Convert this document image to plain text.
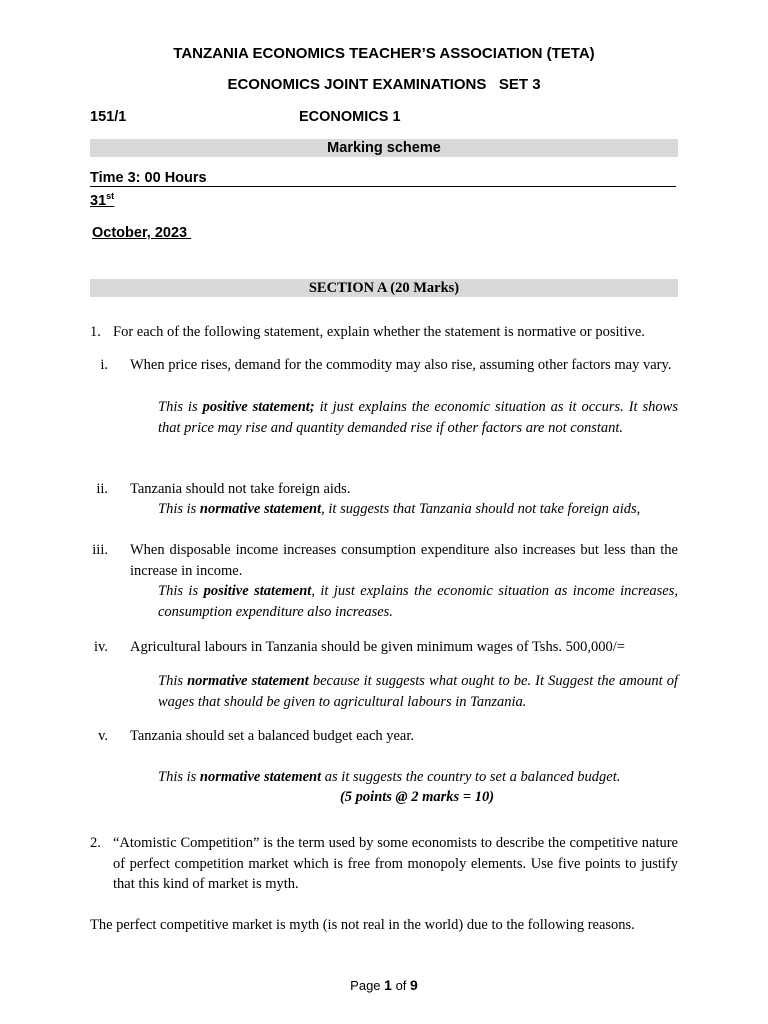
TANZANIA ECONOMICS TEACHER’S ASSOCIATION (TETA)
ECONOMICS JOINT EXAMINATIONS   SET 3
151/1	ECONOMICS 1
Marking scheme
Time 3: 00 Hours
31st
October, 2023
SECTION A (20 Marks)
1. For each of the following statement, explain whether the statement is normative or positive.
i. When price rises, demand for the commodity may also rise, assuming other factors may vary.
This is positive statement; it just explains the economic situation as it occurs. It shows that price may rise and quantity demanded rise if other factors are not constant.
ii. Tanzania should not take foreign aids.
This is normative statement, it suggests that Tanzania should not take foreign aids,
iii. When disposable income increases consumption expenditure also increases but less than the increase in income.
This is positive statement, it just explains the economic situation as income increases, consumption expenditure also increases.
iv. Agricultural labours in Tanzania should be given minimum wages of Tshs. 500,000/=
This normative statement because it suggests what ought to be. It Suggest the amount of wages that should be given to agricultural labours in Tanzania.
v. Tanzania should set a balanced budget each year.
This is normative statement as it suggests the country to set a balanced budget.
(5 points @ 2 marks = 10)
2. “Atomistic Competition” is the term used by some economists to describe the competitive nature of perfect competition market which is free from monopoly elements. Use five points to justify that this kind of market is myth.
The perfect competitive market is myth (is not real in the world) due to the following reasons.
Page 1 of 9
